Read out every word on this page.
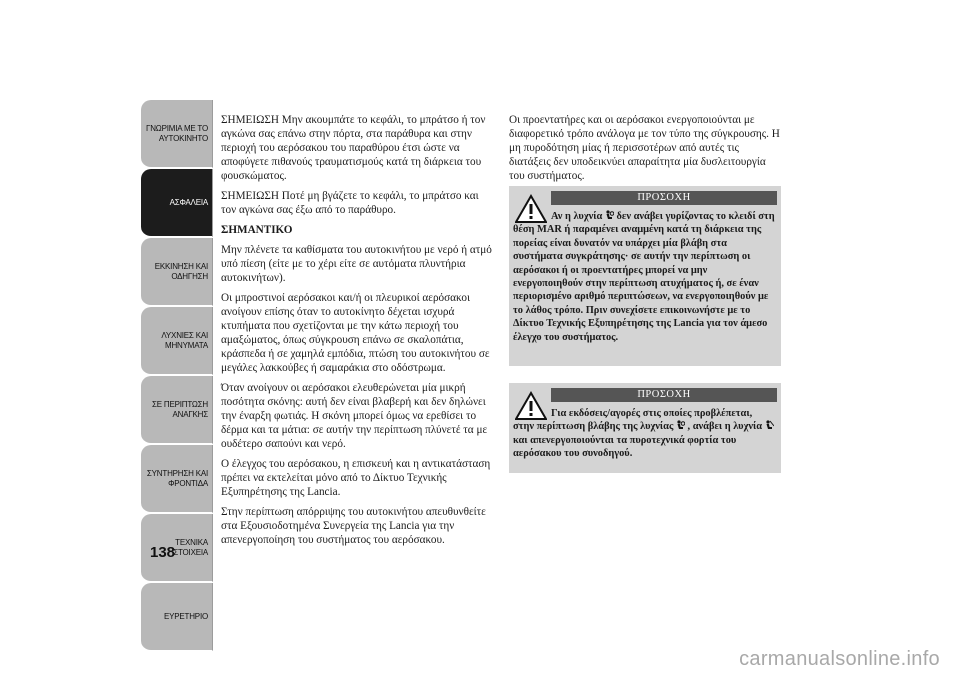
ΓΝΩΡΙΜΙΑ ΜΕ ΤΟ
ΑΥΤΟΚΙΝΗΤΟ
ΑΣΦΑΛΕΙΑ
ΕΚΚΙΝΗΣΗ ΚΑΙ
ΟΔΗΓΗΣΗ
ΛΥΧΝΙΕΣ ΚΑΙ
ΜΗΝΥΜΑΤΑ
ΣΕ ΠΕΡΙΠΤΩΣΗ
ΑΝΑΓΚΗΣ
ΣΥΝΤΗΡΗΣΗ ΚΑΙ
ΦΡΟΝΤΙΔΑ
ΤΕΧΝΙΚΑ ΣΤΟΙΧΕΙΑ
ΕΥΡΕΤΗΡΙΟ
138

ΣΗΜΕΙΩΣΗ Μην ακουμπάτε το κεφάλι, το μπράτσο ή τον αγκώνα σας επάνω στην πόρτα, στα παράθυρα και στην περιοχή του αερόσακου του παραθύρου έτσι ώστε να αποφύγετε πιθανούς τραυματισμούς κατά τη διάρκεια του φουσκώματος.

ΣΗΜΕΙΩΣΗ Ποτέ μη βγάζετε το κεφάλι, το μπράτσο και τον αγκώνα σας έξω από το παράθυρο.

ΣΗΜΑΝΤΙΚΟ

Μην πλένετε τα καθίσματα του αυτοκινήτου με νερό ή ατμό υπό πίεση (είτε με το χέρι είτε σε αυτόματα πλυντήρια αυτοκινήτων).

Οι μπροστινοί αερόσακοι και/ή οι πλευρικοί αερόσακοι ανοίγουν επίσης όταν το αυτοκίνητο δέχεται ισχυρά κτυπήματα που σχετίζονται με την κάτω περιοχή του αμαξώματος, όπως σύγκρουση επάνω σε σκαλοπάτια, κράσπεδα ή σε χαμηλά εμπόδια, πτώση του αυτοκινήτου σε μεγάλες λακκούβες ή σαμαράκια στο οδόστρωμα.

Όταν ανοίγουν οι αερόσακοι ελευθερώνεται μία μικρή ποσότητα σκόνης: αυτή δεν είναι βλαβερή και δεν δηλώνει την έναρξη φωτιάς. Η σκόνη μπορεί όμως να ερεθίσει το δέρμα και τα μάτια: σε αυτήν την περίπτωση πλύνετέ τα με ουδέτερο σαπούνι και νερό.

Ο έλεγχος του αερόσακου, η επισκευή και η αντικατάσταση πρέπει να εκτελείται μόνο από το Δίκτυο Τεχνικής Εξυπηρέτησης της Lancia.

Στην περίπτωση απόρριψης του αυτοκινήτου απευθυνθείτε στα Εξουσιοδοτημένα Συνεργεία της Lancia για την απενεργοποίηση του συστήματος του αερόσακου.

Οι προεντατήρες και οι αερόσακοι ενεργοποιούνται με διαφορετικό τρόπο ανάλογα με τον τύπο της σύγκρουσης. Η μη πυροδότηση μίας ή περισσοτέρων από αυτές τις διατάξεις δεν υποδεικνύει απαραίτητα μία δυσλειτουργία του συστήματος.

ΠΡΟΣΟΧΗ
Αν η λυχνία δεν ανάβει γυρίζοντας το κλειδί στη θέση MAR ή παραμένει αναμμένη κατά τη διάρκεια της πορείας είναι δυνατόν να υπάρχει μία βλάβη στα συστήματα συγκράτησης· σε αυτήν την περίπτωση οι αερόσακοι ή οι προεντατήρες μπορεί να μην ενεργοποιηθούν στην περίπτωση ατυχήματος ή, σε έναν περιορισμένο αριθμό περιπτώσεων, να ενεργοποιηθούν με το λάθος τρόπο. Πριν συνεχίσετε επικοινωνήστε με το Δίκτυο Τεχνικής Εξυπηρέτησης της Lancia για τον άμεσο έλεγχο του συστήματος.
ΠΡΟΣΟΧΗ
Για εκδόσεις/αγορές στις οποίες προβλέπεται, στην περίπτωση βλάβης της λυχνίας , ανάβει η λυχνία  και απενεργοποιούνται τα πυροτεχνικά φορτία του αερόσακου του συνοδηγού.
carmanualsonline.info
